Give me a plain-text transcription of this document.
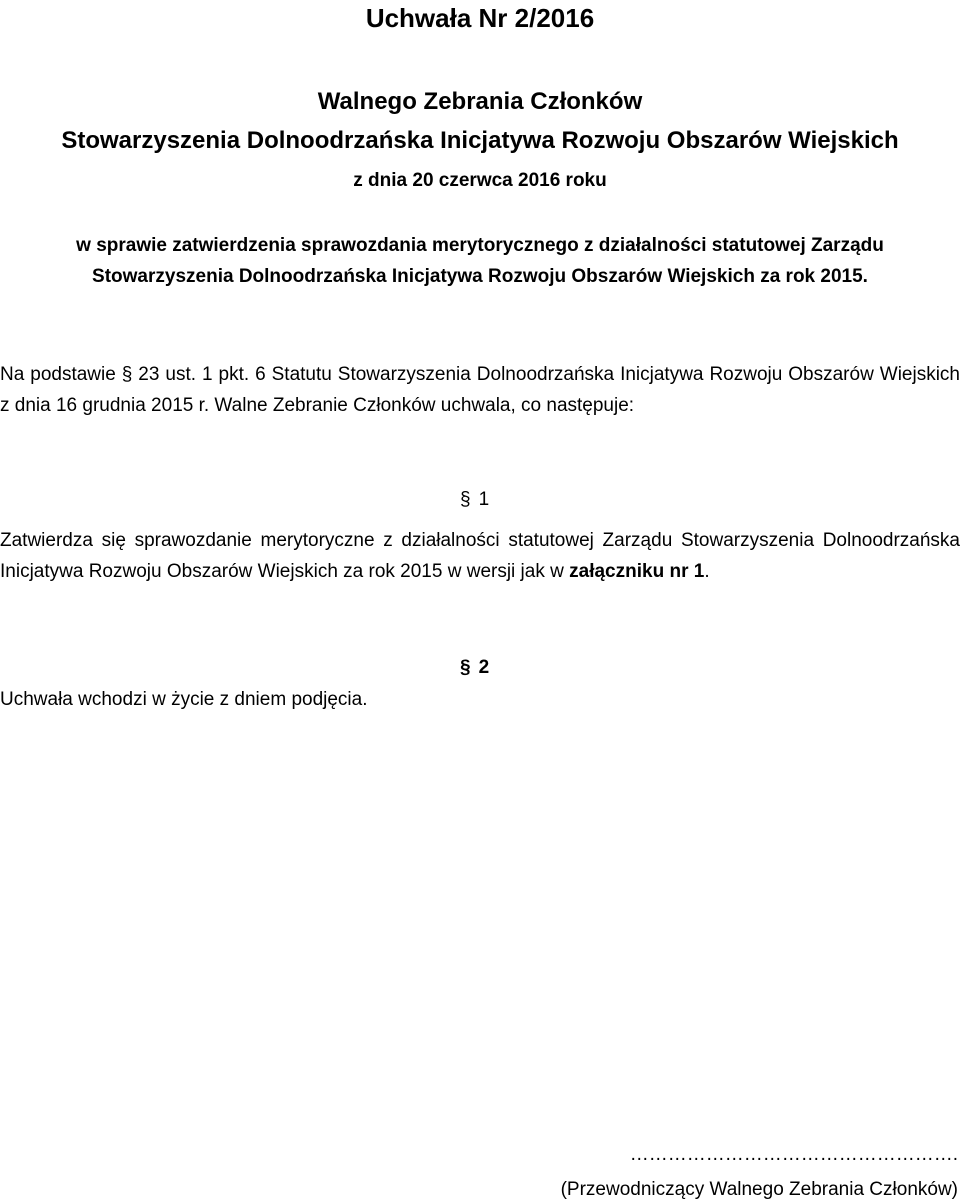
Uchwała Nr 2/2016
Walnego Zebrania Członków
Stowarzyszenia Dolnoodrzańska Inicjatywa Rozwoju Obszarów Wiejskich
z dnia 20 czerwca 2016 roku
w sprawie zatwierdzenia sprawozdania merytorycznego z działalności statutowej Zarządu
Stowarzyszenia Dolnoodrzańska Inicjatywa Rozwoju Obszarów Wiejskich za rok 2015.
Na podstawie § 23 ust. 1 pkt. 6 Statutu Stowarzyszenia Dolnoodrzańska Inicjatywa Rozwoju Obszarów Wiejskich z dnia 16 grudnia 2015 r. Walne Zebranie Członków uchwala, co następuje:
§ 1
Zatwierdza się sprawozdanie merytoryczne z działalności statutowej Zarządu Stowarzyszenia Dolnoodrzańska Inicjatywa Rozwoju Obszarów Wiejskich za rok 2015 w wersji jak w załączniku nr 1.
§ 2
Uchwała wchodzi w życie z dniem podjęcia.
…………………………………………….
(Przewodniczący Walnego Zebrania Członków)
